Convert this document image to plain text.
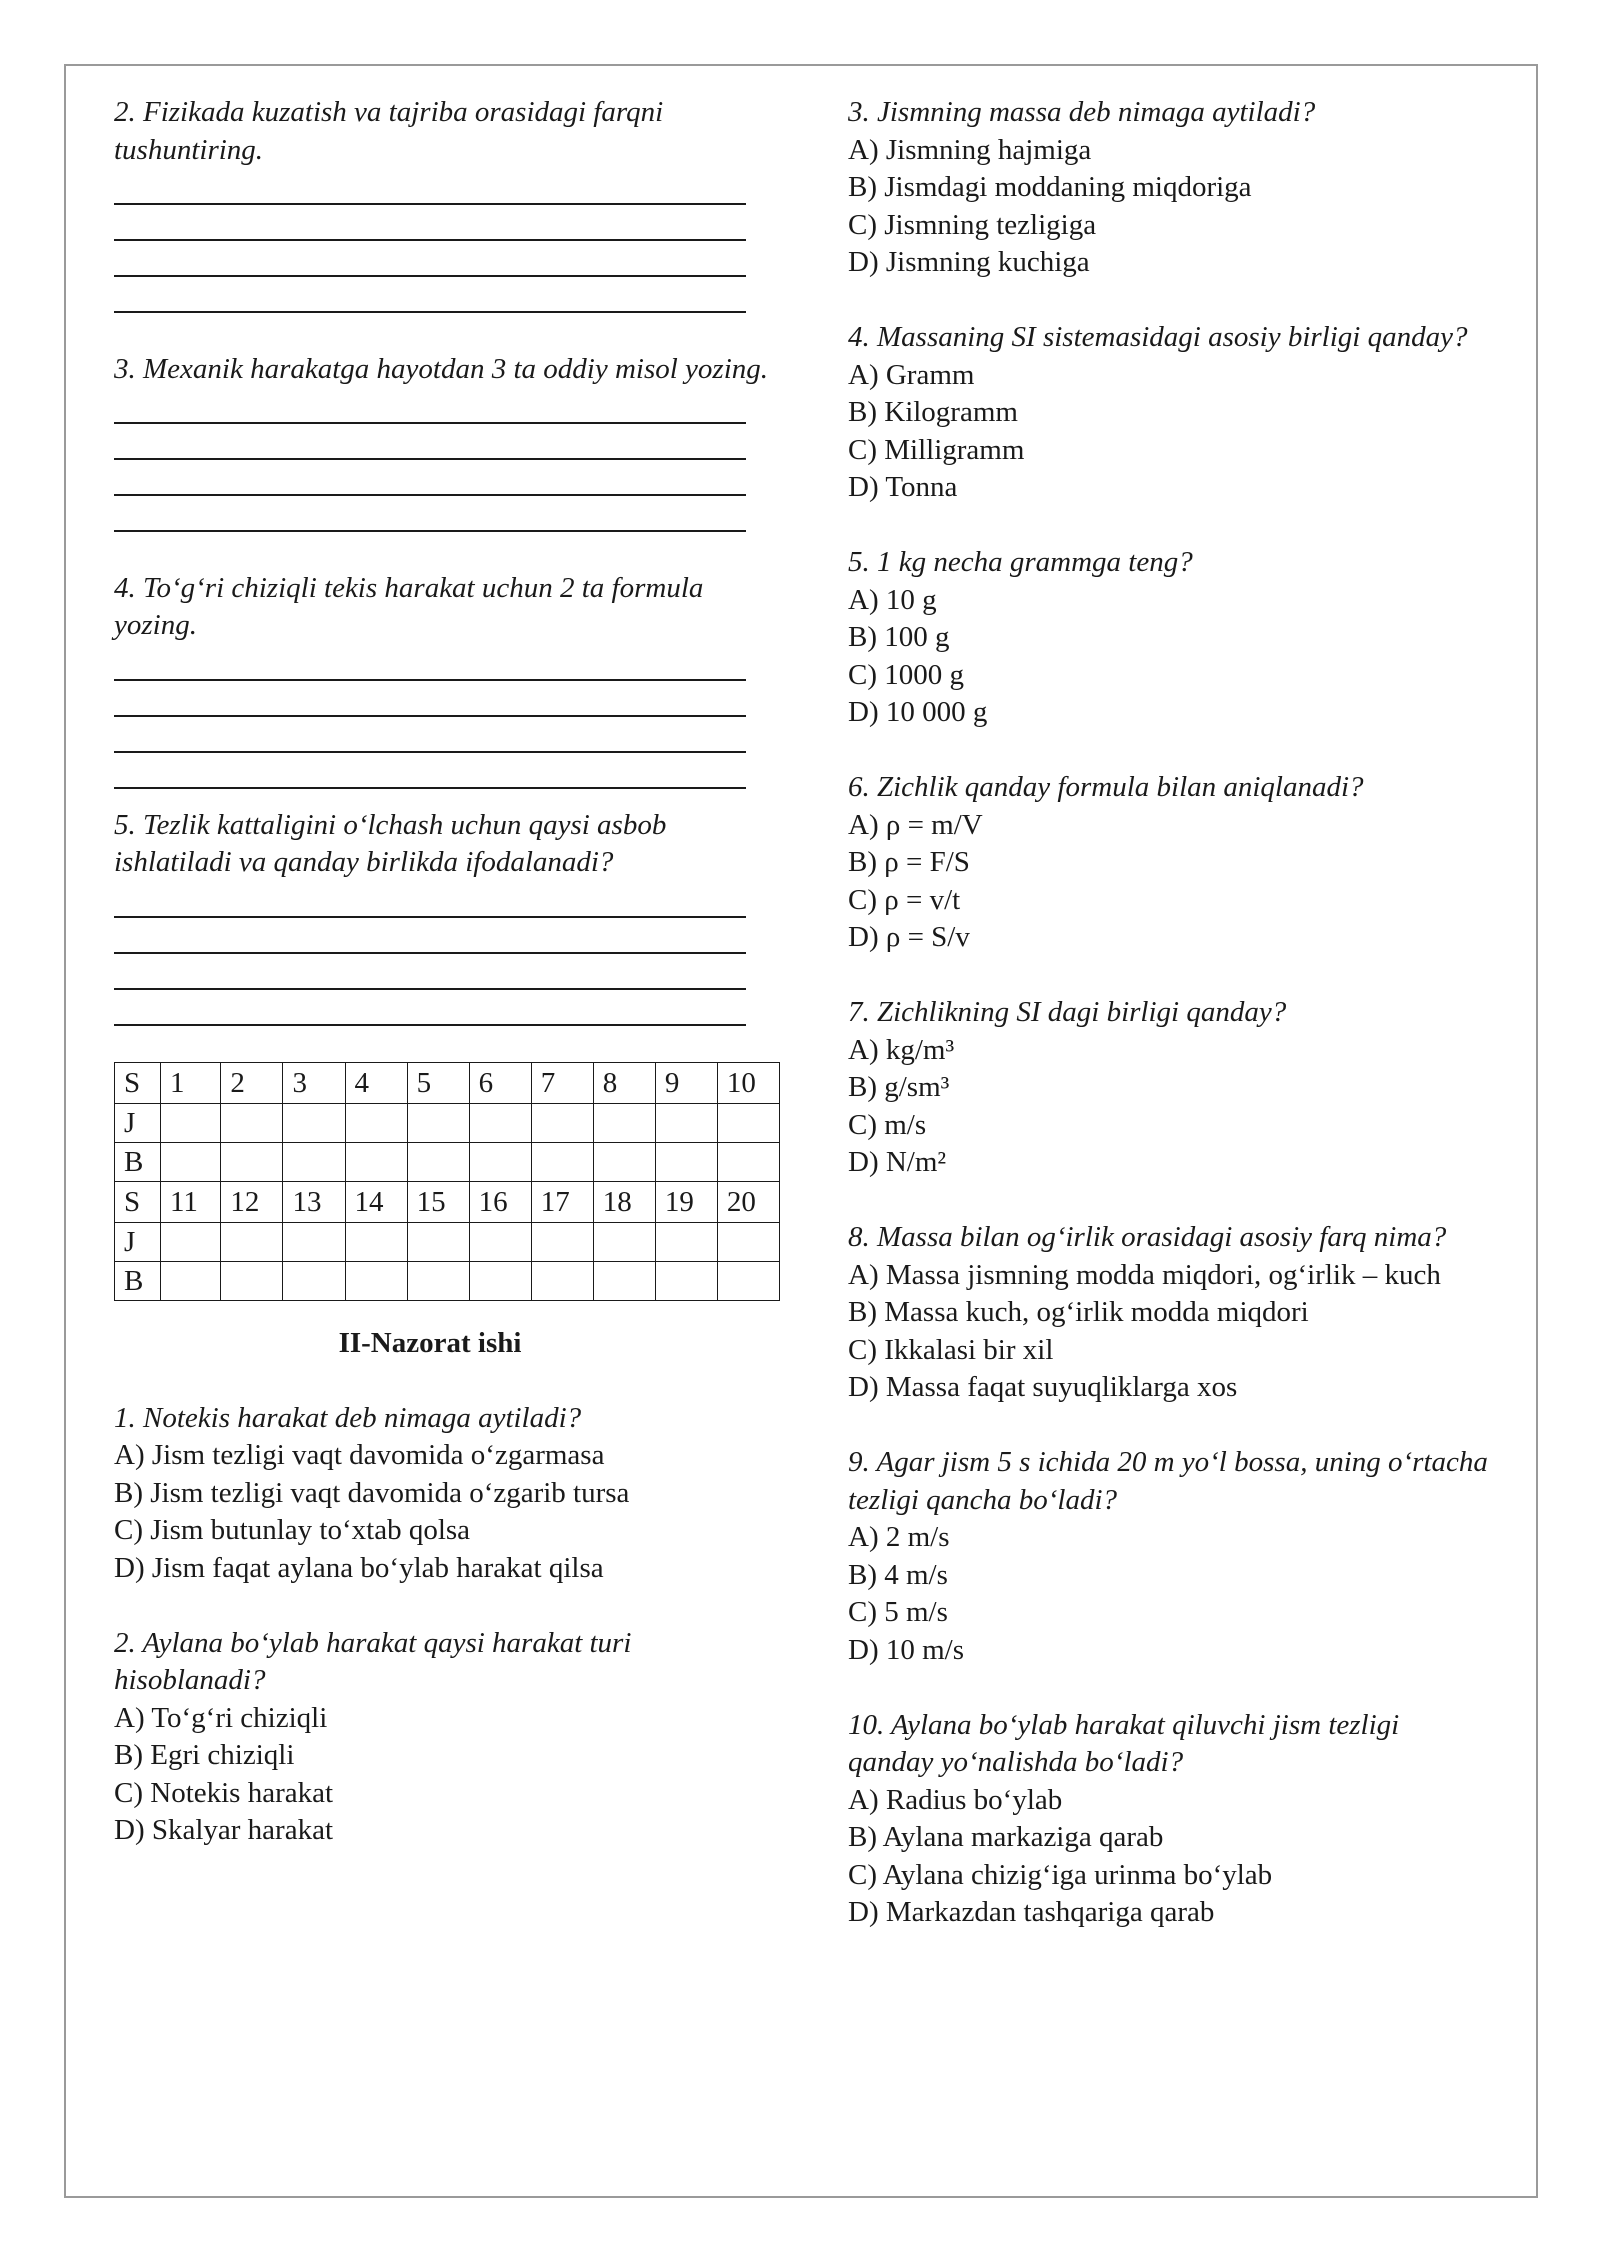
2. Fizikada kuzatish va tajriba orasidagi farqni tushuntiring.
3. Mexanik harakatga hayotdan 3 ta oddiy misol yozing.
4. To‘g‘ri chiziqli tekis harakat uchun 2 ta formula yozing.
5. Tezlik kattaligini o‘lchash uchun qaysi asbob ishlatiladi va qanday birlikda ifodalanadi?
S	1	2	3	4	5	6	7	8	9	10
J										
B										
S	11	12	13	14	15	16	17	18	19	20
J										
B										
II-Nazorat ishi
1. Notekis harakat deb nimaga aytiladi?
A) Jism tezligi vaqt davomida o‘zgarmasa
B) Jism tezligi vaqt davomida o‘zgarib tursa
C) Jism butunlay to‘xtab qolsa
D) Jism faqat aylana bo‘ylab harakat qilsa
2. Aylana bo‘ylab harakat qaysi harakat turi hisoblanadi?
A) To‘g‘ri chiziqli
B) Egri chiziqli
C) Notekis harakat
D) Skalyar harakat
3. Jismning massa deb nimaga aytiladi?
A) Jismning hajmiga
B) Jismdagi moddaning miqdoriga
C) Jismning tezligiga
D) Jismning kuchiga
4. Massaning SI sistemasidagi asosiy birligi qanday?
A) Gramm
B) Kilogramm
C) Milligramm
D) Tonna
5. 1 kg necha grammga teng?
A) 10 g
B) 100 g
C) 1000 g
D) 10 000 g
6. Zichlik qanday formula bilan aniqlanadi?
A) ρ = m/V
B) ρ = F/S
C) ρ = v/t
D) ρ = S/v
7. Zichlikning SI dagi birligi qanday?
A) kg/m³
B) g/sm³
C) m/s
D) N/m²
8. Massa bilan og‘irlik orasidagi asosiy farq nima?
A) Massa jismning modda miqdori, og‘irlik – kuch
B) Massa kuch, og‘irlik modda miqdori
C) Ikkalasi bir xil
D) Massa faqat suyuqliklarga xos
9. Agar jism 5 s ichida 20 m yo‘l bossa, uning o‘rtacha tezligi qancha bo‘ladi?
A) 2 m/s
B) 4 m/s
C) 5 m/s
D) 10 m/s
10. Aylana bo‘ylab harakat qiluvchi jism tezligi qanday yo‘nalishda bo‘ladi?
A) Radius bo‘ylab
B) Aylana markaziga qarab
C) Aylana chizig‘iga urinma bo‘ylab
D) Markazdan tashqariga qarab
